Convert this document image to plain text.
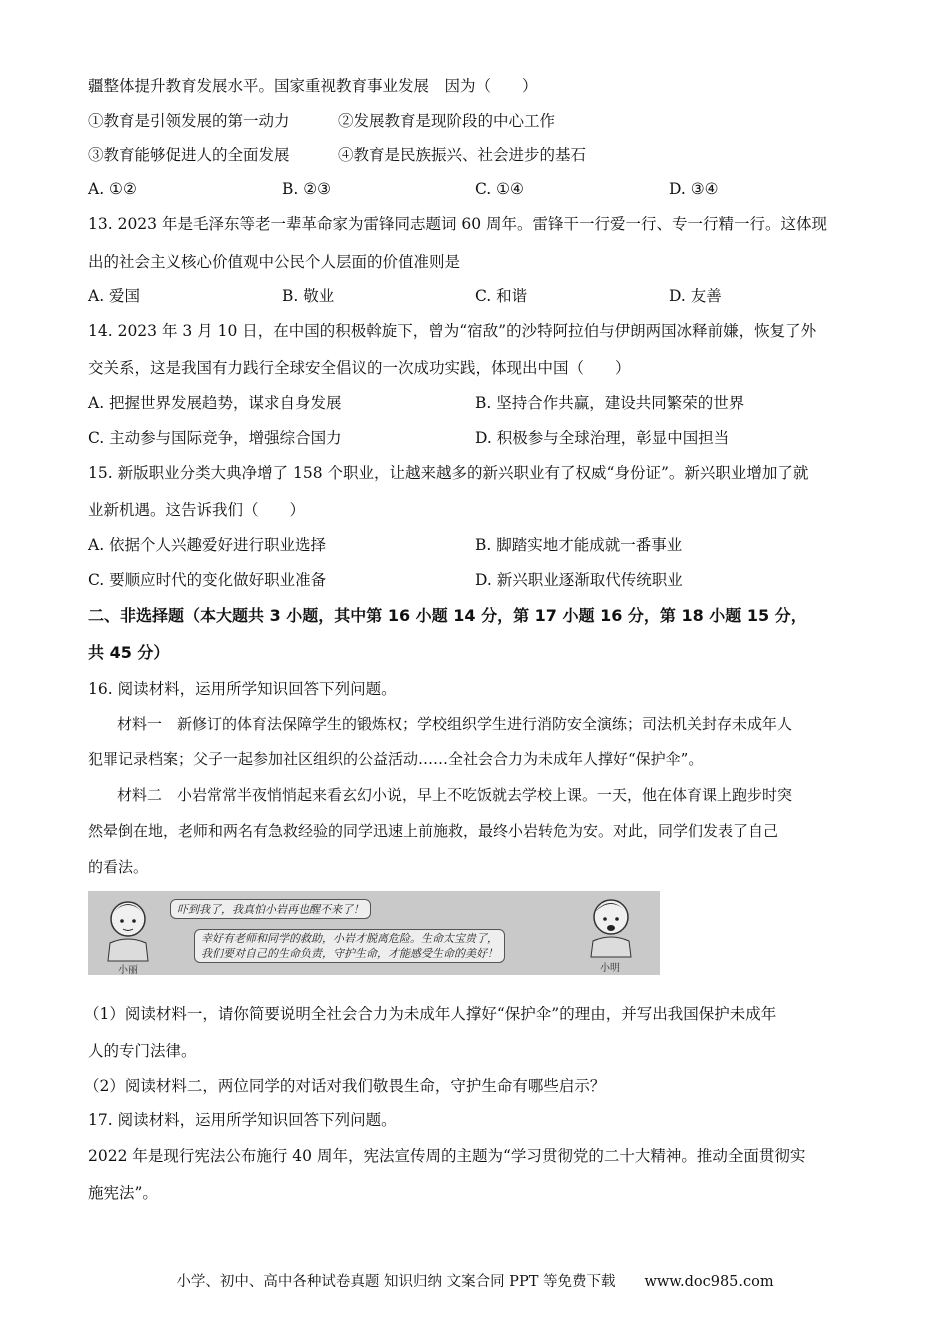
疆整体提升教育发展水平。国家重视教育事业发展　因为（　　）
①教育是引领发展的第一动力	②发展教育是现阶段的中心工作
③教育能够促进人的全面发展	④教育是民族振兴、社会进步的基石
A. ①②	B. ②③	C. ①④	D. ③④
13. 2023 年是毛泽东等老一辈革命家为雷锋同志题词 60 周年。雷锋干一行爱一行、专一行精一行。这体现
出的社会主义核心价值观中公民个人层面的价值准则是
A. 爱国	B. 敬业	C. 和谐	D. 友善
14. 2023 年 3 月 10 日，在中国的积极斡旋下，曾为“宿敌”的沙特阿拉伯与伊朗两国冰释前嫌，恢复了外
交关系，这是我国有力践行全球安全倡议的一次成功实践，体现出中国（　　）
A. 把握世界发展趋势，谋求自身发展	B. 坚持合作共赢，建设共同繁荣的世界
C. 主动参与国际竞争，增强综合国力	D. 积极参与全球治理，彰显中国担当
15. 新版职业分类大典净增了 158 个职业，让越来越多的新兴职业有了权威“身份证”。新兴职业增加了就
业新机遇。这告诉我们（　　）
A. 依据个人兴趣爱好进行职业选择	B. 脚踏实地才能成就一番事业
C. 要顺应时代的变化做好职业准备	D. 新兴职业逐渐取代传统职业
二、非选择题（本大题共 3 小题，其中第 16 小题 14 分，第 17 小题 16 分，第 18 小题 15 分，
共 45 分）
16. 阅读材料，运用所学知识回答下列问题。
材料一　新修订的体育法保障学生的锻炼权；学校组织学生进行消防安全演练；司法机关封存未成年人
犯罪记录档案；父子一起参加社区组织的公益活动……全社会合力为未成年人撑好“保护伞”。
材料二　小岩常常半夜悄悄起来看玄幻小说，早上不吃饭就去学校上课。一天，他在体育课上跑步时突
然晕倒在地，老师和两名有急救经验的同学迅速上前施救，最终小岩转危为安。对此，同学们发表了自己
的看法。
吓到我了，我真怕小岩再也醒不来了！
幸好有老师和同学的救助，小岩才脱离危险。生命太宝贵了，
我们要对自己的生命负责，守护生命，才能感受生命的美好！
小丽	小明
（1）阅读材料一，请你简要说明全社会合力为未成年人撑好“保护伞”的理由，并写出我国保护未成年
人的专门法律。
（2）阅读材料二，两位同学的对话对我们敬畏生命，守护生命有哪些启示？
17. 阅读材料，运用所学知识回答下列问题。
2022 年是现行宪法公布施行 40 周年，宪法宣传周的主题为“学习贯彻党的二十大精神。推动全面贯彻实
施宪法”。
小学、初中、高中各种试卷真题 知识归纳 文案合同 PPT 等免费下载　　www.doc985.com
